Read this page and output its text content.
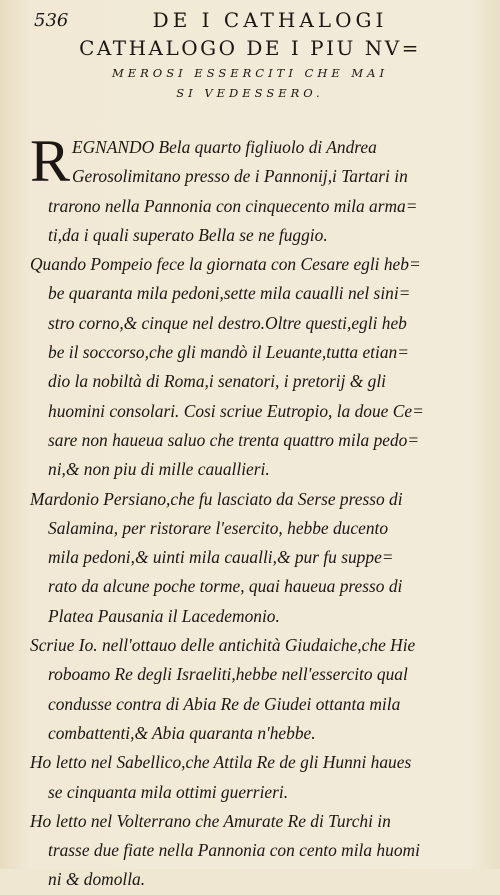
536	DE I CATHALOGI
CATHALOGO DE I PIU NV=
MEROSI ESSERCITI CHE MAI
SI VEDESSERO.
R EGNANDO Bela quarto figliuolo di Andrea
Gerosolimitano presso de i Pannonij,i Tartari in
trarono nella Pannonia con cinquecento mila arma=
ti,da i quali superato Bella se ne fuggio.
Quando Pompeio fece la giornata con Cesare egli heb=
be quaranta mila pedoni,sette mila caualli nel sini=
stro corno,& cinque nel destro.Oltre questi,egli heb
be il soccorso,che gli mandò il Leuante,tutta etian=
dio la nobiltà di Roma,i senatori, i pretorij & gli
huomini consolari. Cosi scriue Eutropio, la doue Ce=
sare non haueua saluo che trenta quattro mila pedo=
ni,& non piu di mille cauallieri.
Mardonio Persiano,che fu lasciato da Serse presso di
Salamina, per ristorare l'esercito, hebbe ducento
mila pedoni,& uinti mila caualli,& pur fu suppe=
rato da alcune poche torme, quai haueua presso di
Platea Pausania il Lacedemonio.
Scriue Io. nell'ottauo delle antichità Giudaiche,che Hie
roboamo Re degli Israeliti,hebbe nell'essercito qual
condusse contra di Abia Re de Giudei ottanta mila
combattenti,& Abia quaranta n'hebbe.
Ho letto nel Sabellico,che Attila Re de gli Hunni haues
se cinquanta mila ottimi guerrieri.
Ho letto nel Volterrano che Amurate Re di Turchi in
trasse due fiate nella Pannonia con cento mila huomi
ni & domolla.
